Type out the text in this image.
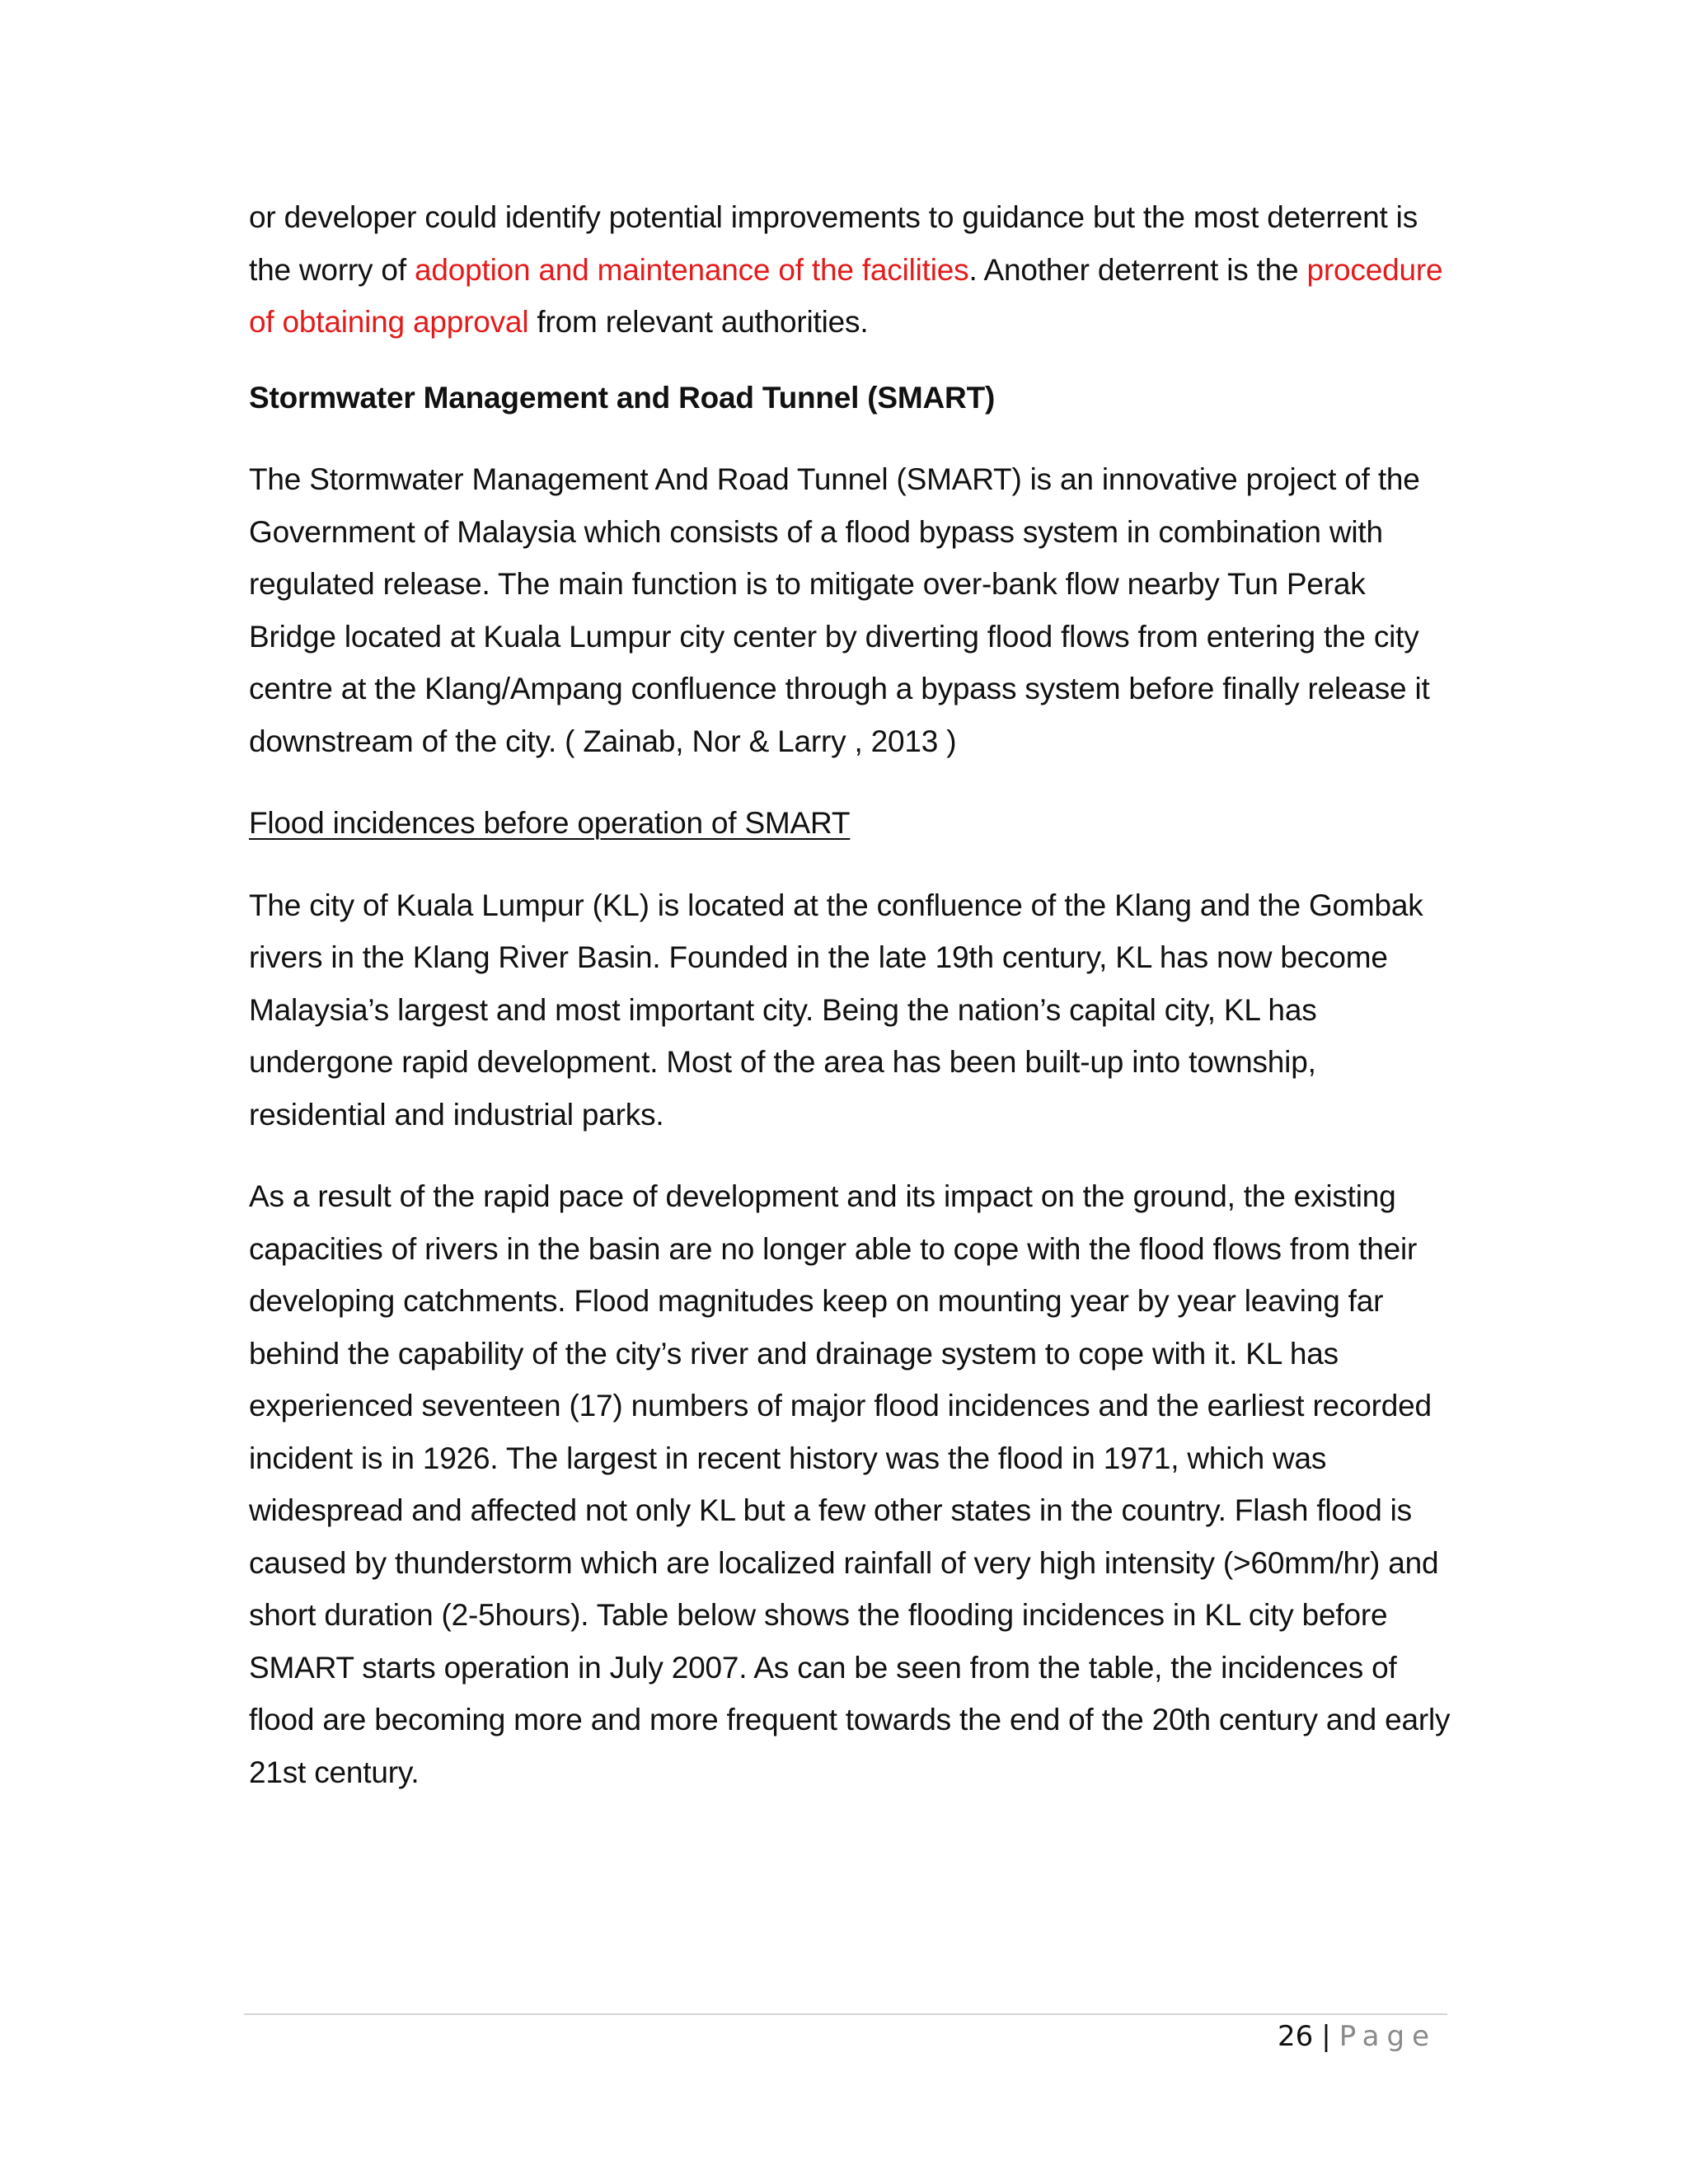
or developer could identify potential improvements to guidance but the most deterrent is the worry of adoption and maintenance of the facilities. Another deterrent is the procedure of obtaining approval from relevant authorities.

Stormwater Management and Road Tunnel (SMART)

The Stormwater Management And Road Tunnel (SMART) is an innovative project of the Government of Malaysia which consists of a flood bypass system in combination with regulated release. The main function is to mitigate over-bank flow nearby Tun Perak Bridge located at Kuala Lumpur city center by diverting flood flows from entering the city centre at the Klang/Ampang confluence through a bypass system before finally release it downstream of the city. ( Zainab, Nor & Larry , 2013 )

Flood incidences before operation of SMART

The city of Kuala Lumpur (KL) is located at the confluence of the Klang and the Gombak rivers in the Klang River Basin. Founded in the late 19th century, KL has now become Malaysia’s largest and most important city. Being the nation’s capital city, KL has undergone rapid development. Most of the area has been built-up into township, residential and industrial parks.

As a result of the rapid pace of development and its impact on the ground, the existing capacities of rivers in the basin are no longer able to cope with the flood flows from their developing catchments. Flood magnitudes keep on mounting year by year leaving far behind the capability of the city’s river and drainage system to cope with it. KL has experienced seventeen (17) numbers of major flood incidences and the earliest recorded incident is in 1926. The largest in recent history was the flood in 1971, which was widespread and affected not only KL but a few other states in the country. Flash flood is caused by thunderstorm which are localized rainfall of very high intensity (>60mm/hr) and short duration (2-5hours). Table below shows the flooding incidences in KL city before SMART starts operation in July 2007. As can be seen from the table, the incidences of flood are becoming more and more frequent towards the end of the 20th century and early 21st century.

26 | Page
